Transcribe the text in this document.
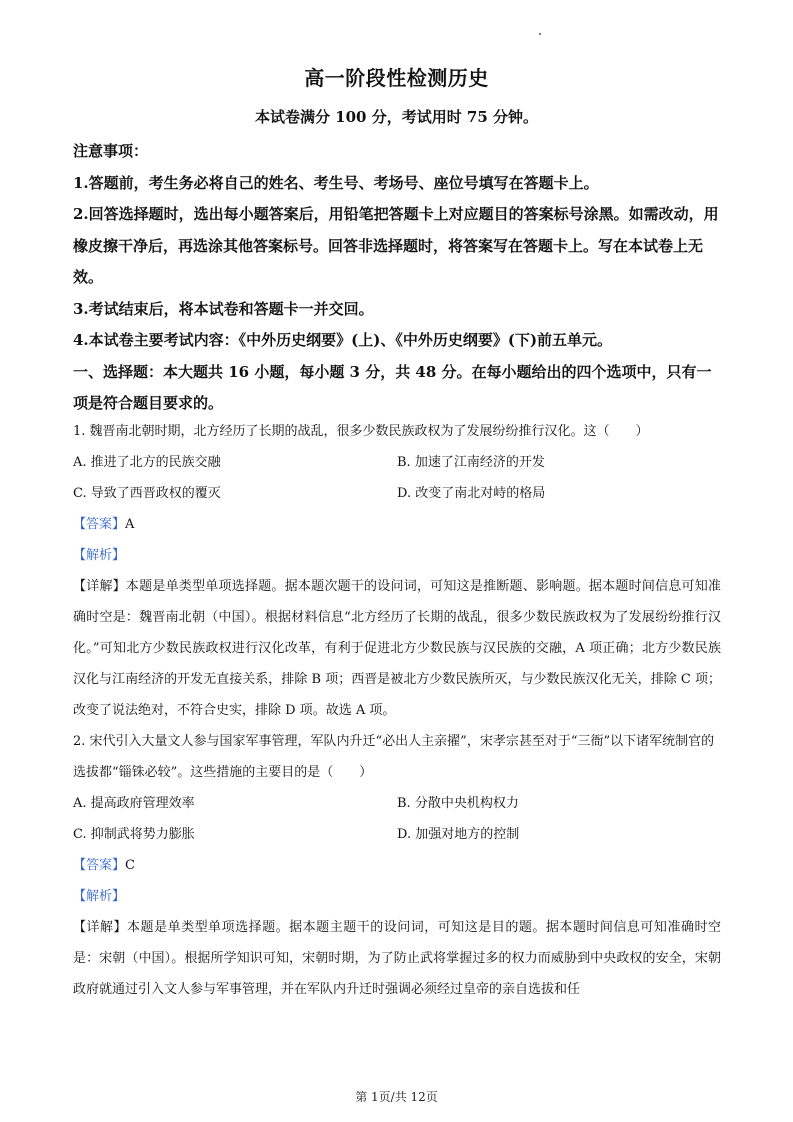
高一阶段性检测历史
本试卷满分 100 分，考试用时 75 分钟。

注意事项：

1.答题前，考生务必将自己的姓名、考生号、考场号、座位号填写在答题卡上。

2.回答选择题时，选出每小题答案后，用铅笔把答题卡上对应题目的答案标号涂黑。如需改动，用橡皮擦干净后，再选涂其他答案标号。回答非选择题时，将答案写在答题卡上。写在本试卷上无效。

3.考试结束后，将本试卷和答题卡一并交回。

4.本试卷主要考试内容：《中外历史纲要》(上)、《中外历史纲要》(下)前五单元。

一、选择题：本大题共 16 小题，每小题 3 分，共 48 分。在每小题给出的四个选项中，只有一项是符合题目要求的。

1. 魏晋南北朝时期，北方经历了长期的战乱，很多少数民族政权为了发展纷纷推行汉化。这（　　）

A. 推进了北方的民族交融	B. 加速了江南经济的开发
C. 导致了西晋政权的覆灭	D. 改变了南北对峙的格局

【答案】A

【解析】

【详解】本题是单类型单项选择题。据本题次题干的设问词，可知这是推断题、影响题。据本题时间信息可知准确时空是：魏晋南北朝（中国）。根据材料信息“北方经历了长期的战乱，很多少数民族政权为了发展纷纷推行汉化。”可知北方少数民族政权进行汉化改革，有利于促进北方少数民族与汉民族的交融，A 项正确；北方少数民族汉化与江南经济的开发无直接关系，排除 B 项；西晋是被北方少数民族所灭，与少数民族汉化无关，排除 C 项；改变了说法绝对，不符合史实，排除 D 项。故选 A 项。

2. 宋代引入大量文人参与国家军事管理，军队内升迁“必出人主亲擢”，宋孝宗甚至对于“三衙”以下诸军统制官的选拔都“锱铢必较”。这些措施的主要目的是（　　）

A. 提高政府管理效率	B. 分散中央机构权力
C. 抑制武将势力膨胀	D. 加强对地方的控制

【答案】C

【解析】

【详解】本题是单类型单项选择题。据本题主题干的设问词，可知这是目的题。据本题时间信息可知准确时空是：宋朝（中国）。根据所学知识可知，宋朝时期，为了防止武将掌握过多的权力而威胁到中央政权的安全，宋朝政府就通过引入文人参与军事管理，并在军队内升迁时强调必须经过皇帝的亲自选拔和任

第 1页/共 12页
